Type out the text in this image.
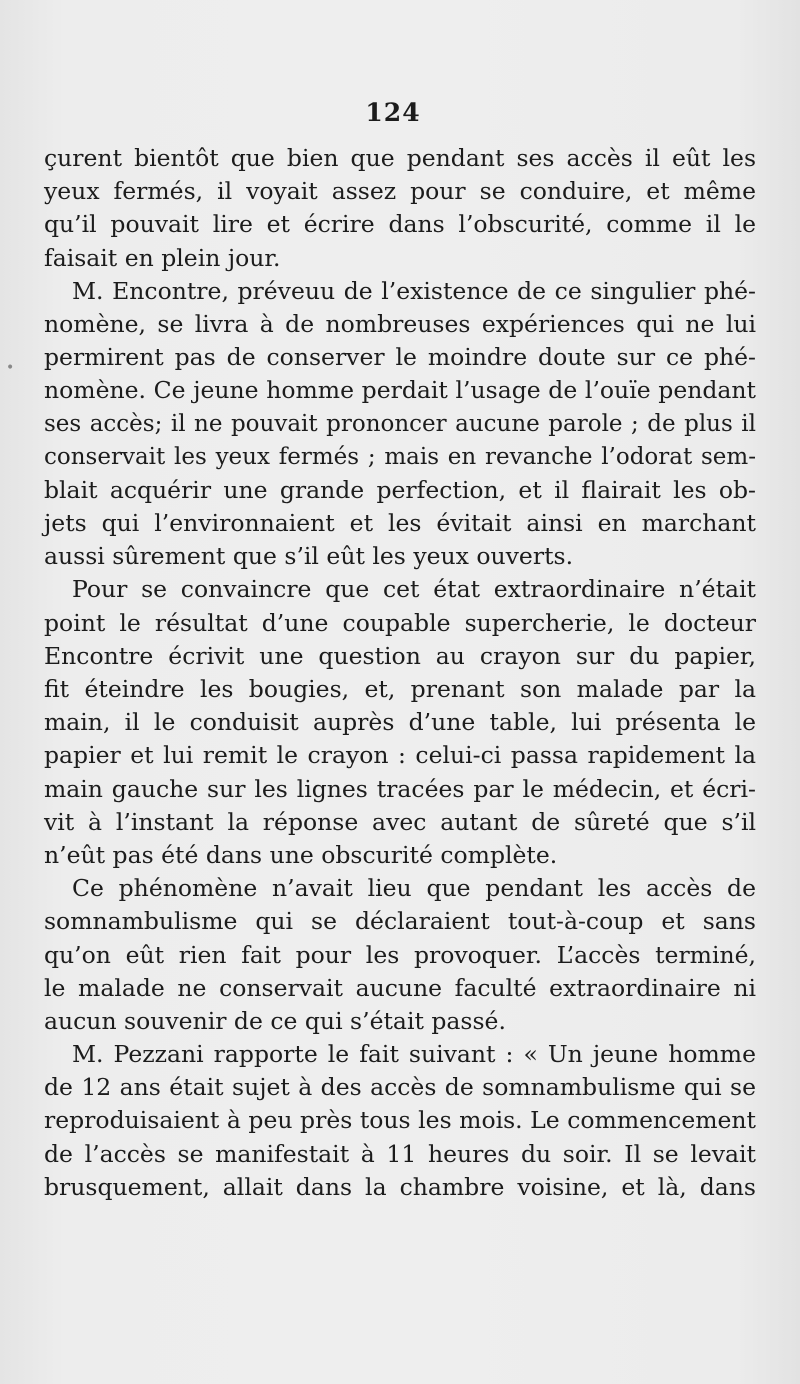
124
çurent bientôt que bien que pendant ses accès il eût les
yeux fermés, il voyait assez pour se conduire, et même
qu’il pouvait lire et écrire dans l’obscurité, comme il le
faisait en plein jour.
M. Encontre, préveuu de l’existence de ce singulier phé-
nomène, se livra à de nombreuses expériences qui ne lui
permirent pas de conserver le moindre doute sur ce phé-
nomène. Ce jeune homme perdait l’usage de l’ouïe pendant
ses accès; il ne pouvait prononcer aucune parole ; de plus il
conservait les yeux fermés ; mais en revanche l’odorat sem-
blait acquérir une grande perfection, et il flairait les ob-
jets qui l’environnaient et les évitait ainsi en marchant
aussi sûrement que s’il eût les yeux ouverts.
Pour se convaincre que cet état extraordinaire n’était
point le résultat d’une coupable supercherie, le docteur
Encontre écrivit une question au crayon sur du papier,
fit éteindre les bougies, et, prenant son malade par la
main, il le conduisit auprès d’une table, lui présenta le
papier et lui remit le crayon : celui-ci passa rapidement la
main gauche sur les lignes tracées par le médecin, et écri-
vit à l’instant la réponse avec autant de sûreté que s’il
n’eût pas été dans une obscurité complète.
Ce phénomène n’avait lieu que pendant les accès de
somnambulisme qui se déclaraient tout-à-coup et sans
qu’on eût rien fait pour les provoquer. L’accès terminé,
le malade ne conservait aucune faculté extraordinaire ni
aucun souvenir de ce qui s’était passé.
M. Pezzani rapporte le fait suivant : « Un jeune homme
de 12 ans était sujet à des accès de somnambulisme qui se
reproduisaient à peu près tous les mois. Le commencement
de l’accès se manifestait à 11 heures du soir. Il se levait
brusquement, allait dans la chambre voisine, et là, dans
•
